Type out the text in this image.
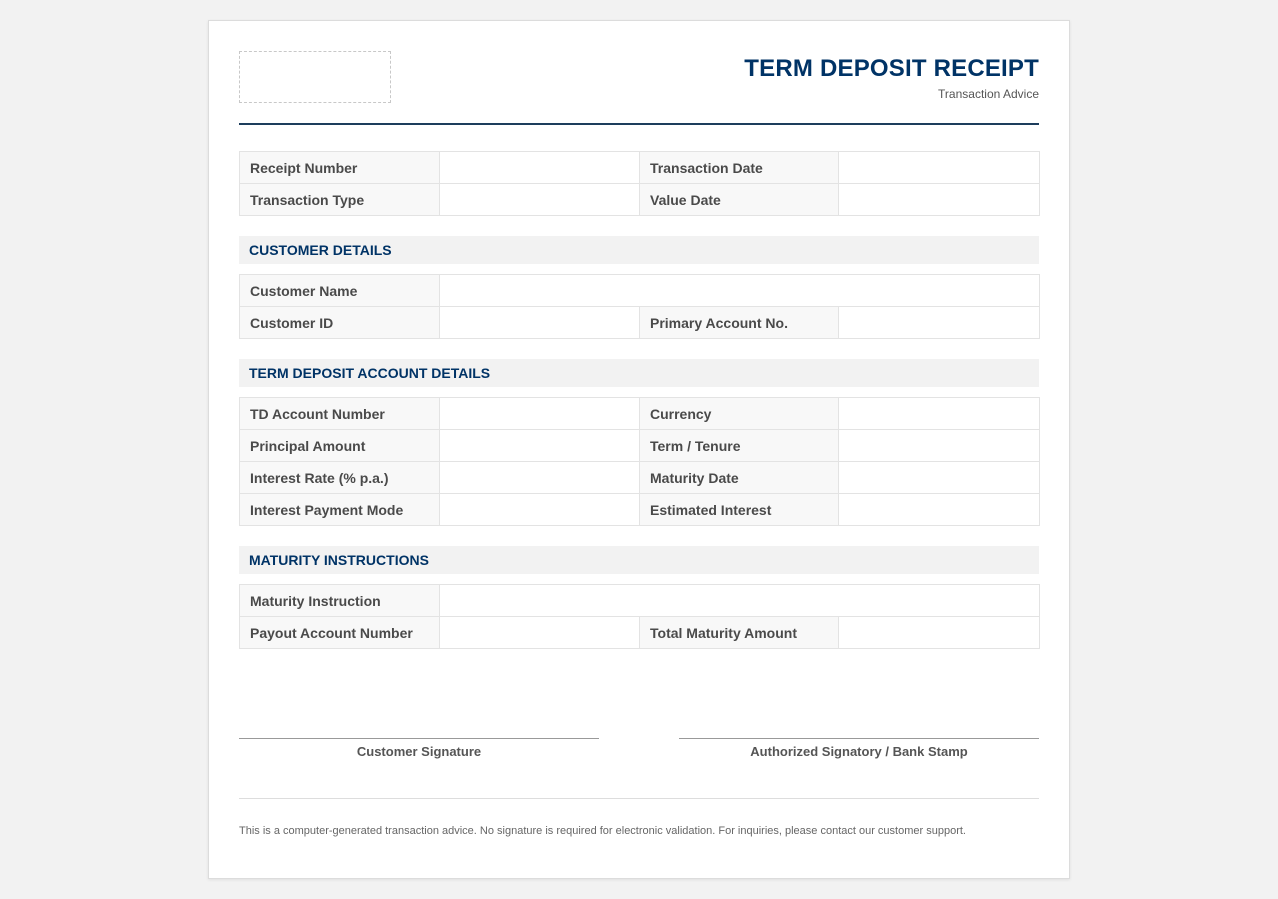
TERM DEPOSIT RECEIPT
Transaction Advice
Receipt Number		Transaction Date	
Transaction Type		Value Date	
CUSTOMER DETAILS
Customer Name			
Customer ID		Primary Account No.	
TERM DEPOSIT ACCOUNT DETAILS
TD Account Number		Currency	
Principal Amount		Term / Tenure	
Interest Rate (% p.a.)		Maturity Date	
Interest Payment Mode		Estimated Interest	
MATURITY INSTRUCTIONS
Maturity Instruction			
Payout Account Number		Total Maturity Amount	
Customer Signature	Authorized Signatory / Bank Stamp
This is a computer-generated transaction advice. No signature is required for electronic validation. For inquiries, please contact our customer support.
